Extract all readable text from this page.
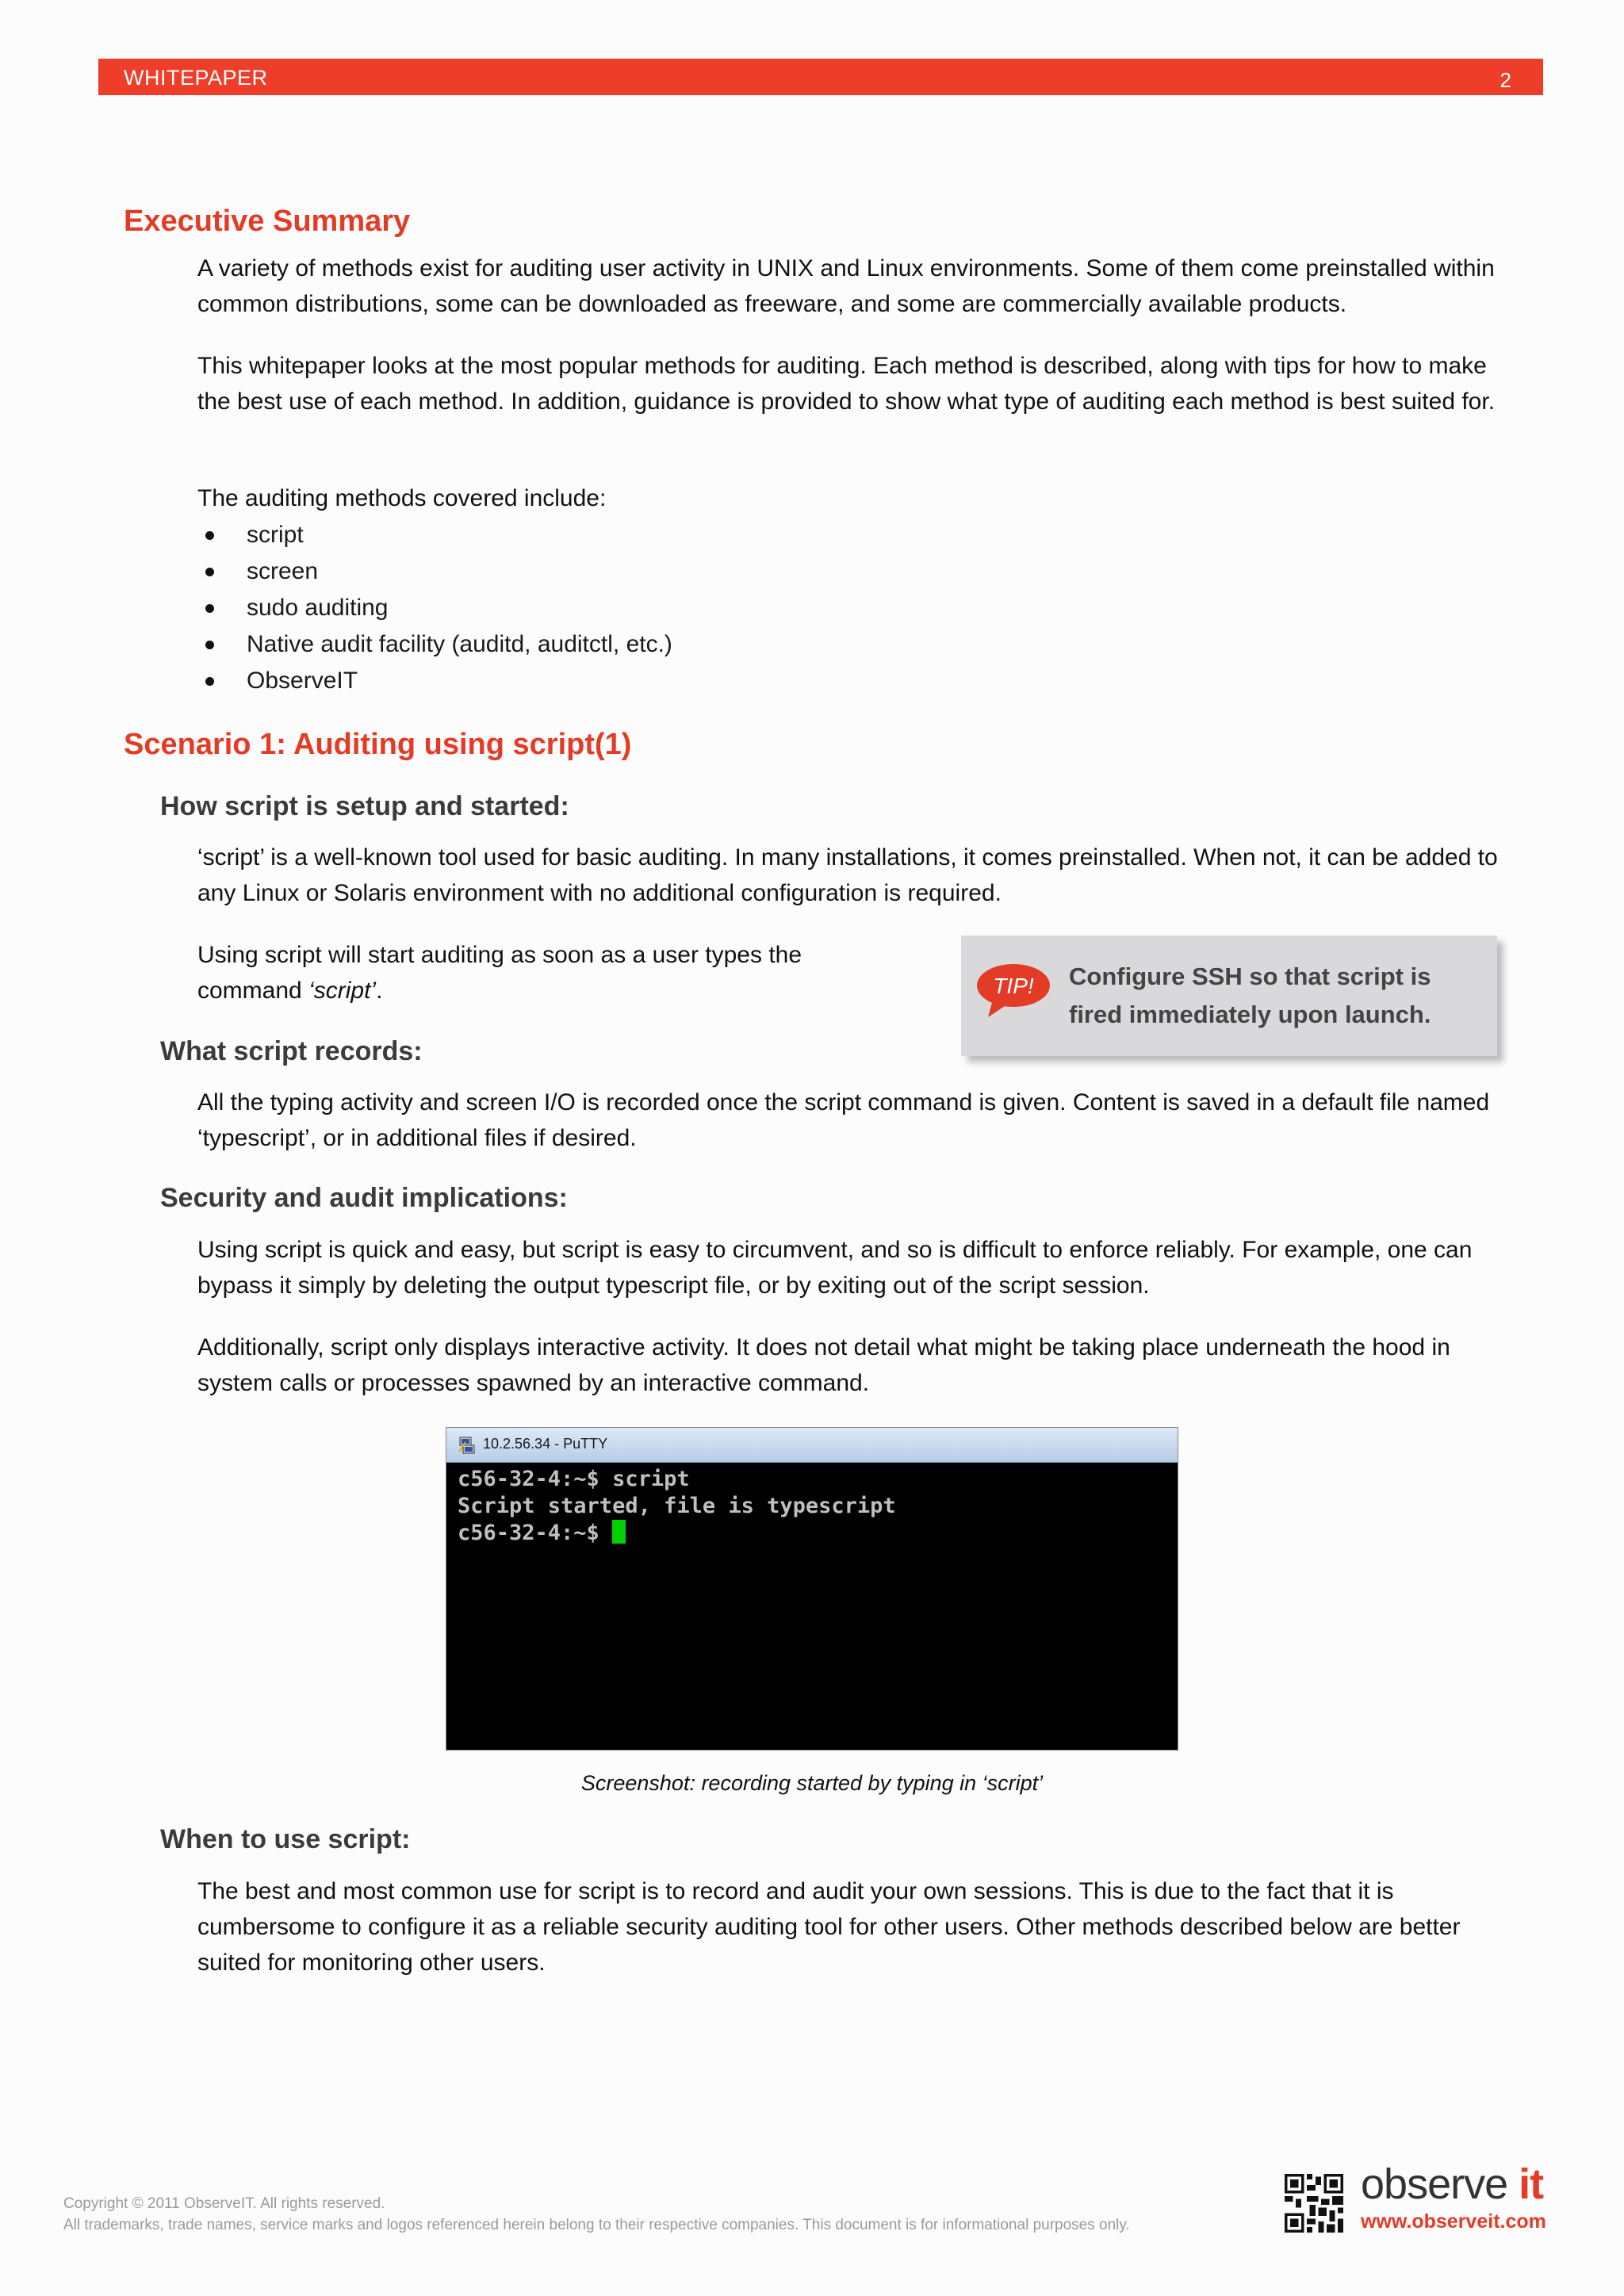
WHITEPAPER	2
Executive Summary

A variety of methods exist for auditing user activity in UNIX and Linux environments. Some of them come preinstalled within common distributions, some can be downloaded as freeware, and some are commercially available products.

This whitepaper looks at the most popular methods for auditing. Each method is described, along with tips for how to make the best use of each method. In addition, guidance is provided to show what type of auditing each method is best suited for.

The auditing methods covered include:

script
screen
sudo auditing
Native audit facility (auditd, auditctl, etc.)
ObserveIT
Scenario 1: Auditing using script(1)
How script is setup and started:

‘script’ is a well-known tool used for basic auditing. In many installations, it comes preinstalled. When not, it can be added to any Linux or Solaris environment with no additional configuration is required.

Using script will start auditing as soon as a user types the command ‘script’.	TIP! Configure SSH so that script is fired immediately upon launch.
What script records:

All the typing activity and screen I/O is recorded once the script command is given. Content is saved in a default file named ‘typescript’, or in additional files if desired.

Security and audit implications:

Using script is quick and easy, but script is easy to circumvent, and so is difficult to enforce reliably. For example, one can bypass it simply by deleting the output typescript file, or by exiting out of the script session.

Additionally, script only displays interactive activity. It does not detail what might be taking place underneath the hood in system calls or processes spawned by an interactive command.

10.2.56.34 - PuTTY
c56-32-4:~$ script
Script started, file is typescript
c56-32-4:~$
Screenshot: recording started by typing in ‘script’
When to use script:

The best and most common use for script is to record and audit your own sessions. This is due to the fact that it is cumbersome to configure it as a reliable security auditing tool for other users. Other methods described below are better suited for monitoring other users.

Copyright © 2011 ObserveIT. All rights reserved.
All trademarks, trade names, service marks and logos referenced herein belong to their respective companies. This document is for informational purposes only.
observe it
www.observeit.com
